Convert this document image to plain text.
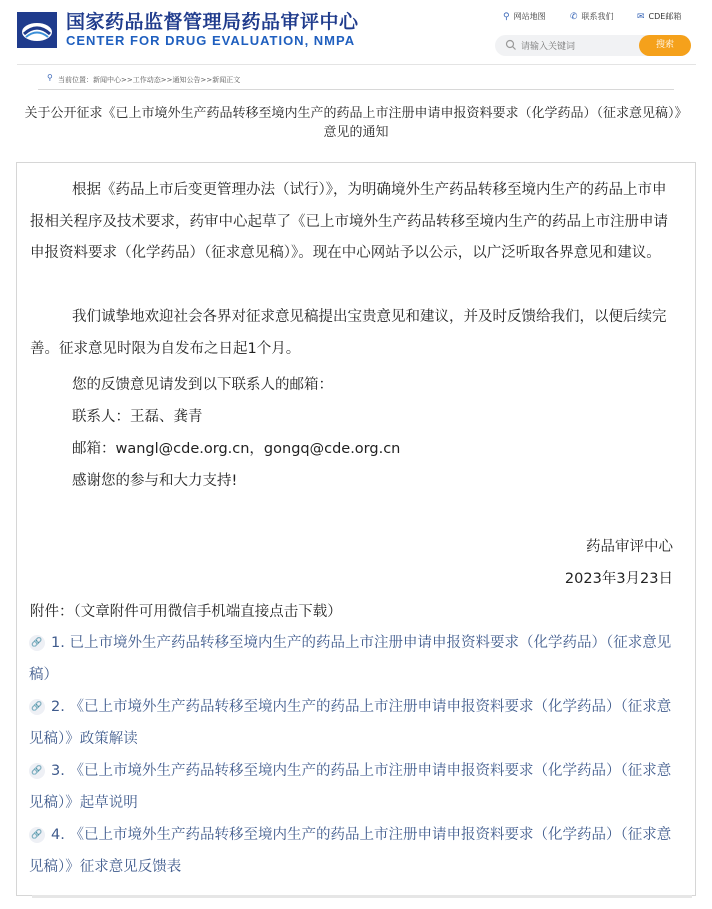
国家药品监督管理局药品审评中心
CENTER FOR DRUG EVALUATION, NMPA
⚲ 网站地图	✆ 联系我们	✉ CDE邮箱
请输入关键词
搜索
⚲ 当前位置：新闻中心>>工作动态>>通知公告>>新闻正文
关于公开征求《已上市境外生产药品转移至境内生产的药品上市注册申请申报资料要求（化学药品）（征求意见稿）》意见的通知
根据《药品上市后变更管理办法（试行）》，为明确境外生产药品转移至境内生产的药品上市申报相关程序及技术要求，药审中心起草了《已上市境外生产药品转移至境内生产的药品上市注册申请申报资料要求（化学药品）（征求意见稿）》。现在中心网站予以公示，以广泛听取各界意见和建议。
我们诚挚地欢迎社会各界对征求意见稿提出宝贵意见和建议，并及时反馈给我们，以便后续完善。征求意见时限为自发布之日起1个月。
您的反馈意见请发到以下联系人的邮箱：
联系人：王磊、龚青
邮箱：wangl@cde.org.cn，gongq@cde.org.cn
感谢您的参与和大力支持!
药品审评中心
2023年3月23日
附件：（文章附件可用微信手机端直接点击下载）
🔗 1. 已上市境外生产药品转移至境内生产的药品上市注册申请申报资料要求（化学药品）（征求意见稿）
🔗 2. 《已上市境外生产药品转移至境内生产的药品上市注册申请申报资料要求（化学药品）（征求意见稿）》政策解读
🔗 3. 《已上市境外生产药品转移至境内生产的药品上市注册申请申报资料要求（化学药品）（征求意见稿）》起草说明
🔗 4. 《已上市境外生产药品转移至境内生产的药品上市注册申请申报资料要求（化学药品）（征求意见稿）》征求意见反馈表
